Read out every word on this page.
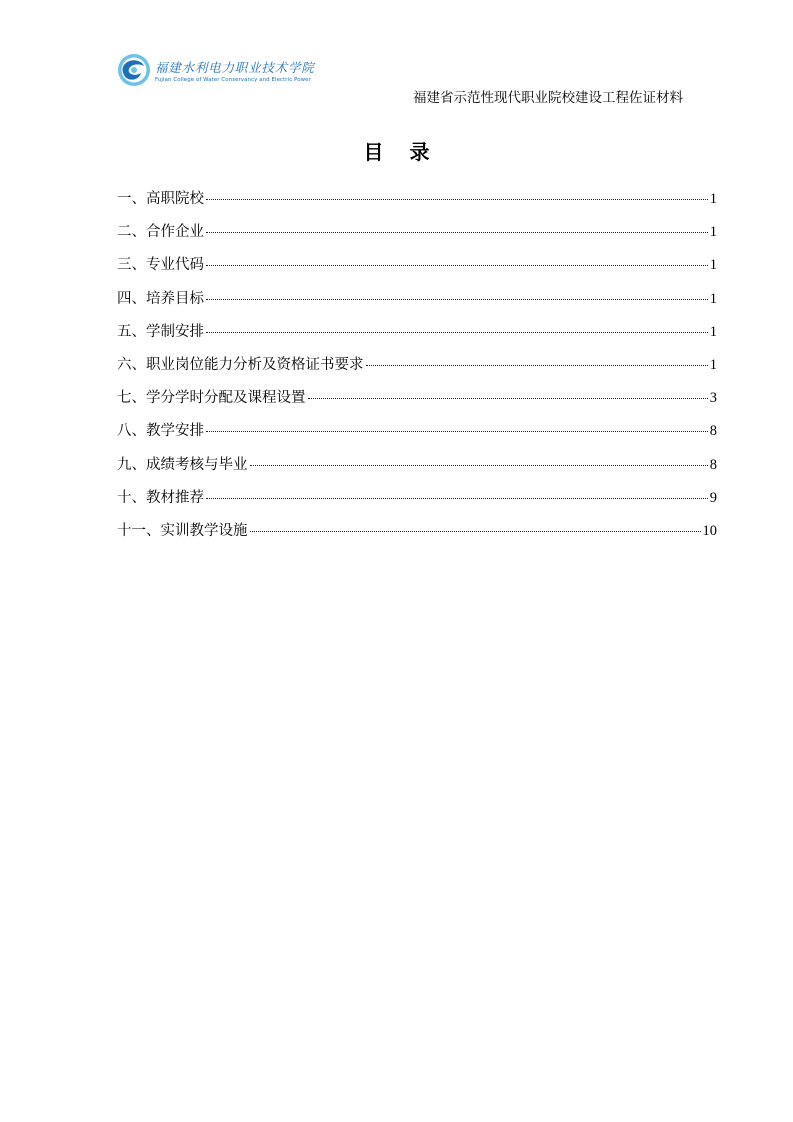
福建水利电力职业技术学院
Fujian College of Water Conservancy and Electric Power
福建省示范性现代职业院校建设工程佐证材料
目录
一、高职院校	1
二、合作企业	1
三、专业代码	1
四、培养目标	1
五、学制安排	1
六、职业岗位能力分析及资格证书要求	1
七、学分学时分配及课程设置	3
八、教学安排	8
九、成绩考核与毕业	8
十、教材推荐	9
十一、实训教学设施	10
